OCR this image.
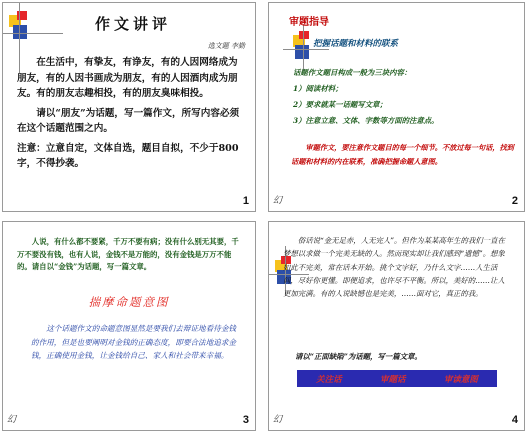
作文讲评
选文题 李勤

在生活中，有挚友，有诤友，有的人因网络成为朋友，有的人因书画成为朋友，有的人因酒肉成为朋友。有的朋友志趣相投，有的朋友臭味相投。

请以“朋友”为话题，写一篇作文，所写内容必须在这个话题范围之内。

注意：立意自定，文体自选，题目自拟，不少于800字，不得抄袭。

1
审题指导
把握话题和材料的联系
话题作文题目构成一般为三块内容：
1）阅读材料；
2）要求就某一话题写文章；
3）注意立意、文体、字数等方面的注意点。
审题作文，要注意作文题目的每一个细节。不放过每一句话，找到话题和材料的内在联系，准确把握命题人意图。
幻	2
人说，有什么都不要紧，千万不要有病；没有什么别无其要，千万不要没有钱，也有人说，金钱不是万能的，没有金钱是万万不能的。请自以“金钱”为话题，写一篇文章。
揣摩命题意图
这个话题作文的命题意图显然是要我们去辩证地看待金钱的作用，但是也要阐明对金钱的正确态度，即要合法地追求金钱，正确使用金钱，让金钱给自己、家人和社会带来幸福。
幻	3
俗话说“金无足赤，人无完人”。但作为某某高年生的我们一直在梦想以求做一个完美无缺的人。然而现实却让我们感到“遗憾”。想象如此不完美，常在话本开始。挑个文字好，乃什么文字……人生活间，尽好你更懂。即便追求，也许尽不平衡。所以，美好的……让人更加完满。有的人说缺憾也是完美，……面对它，真正的我。
请以“正面缺陷”为话题，写一篇文章。
关注话	审题话	审读意图
幻	4
